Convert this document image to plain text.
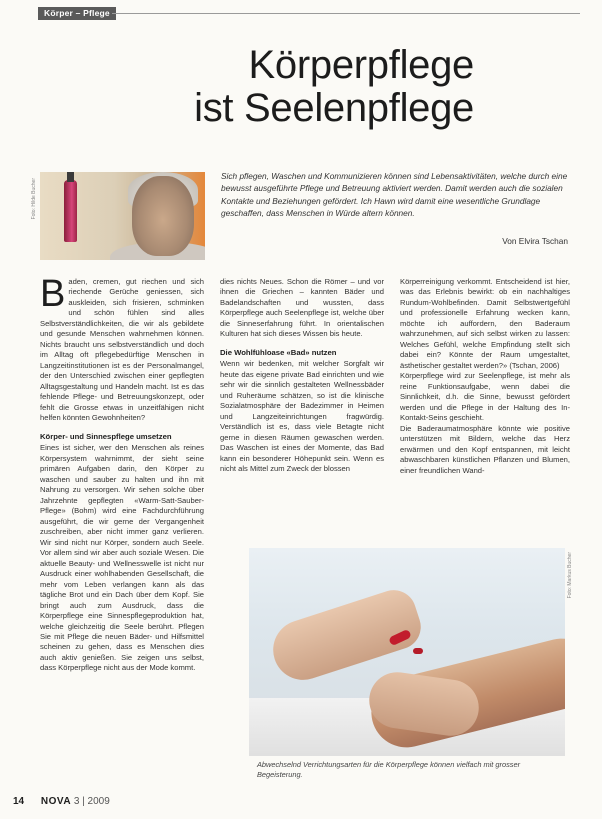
Körper – Pflege
Körperpflege
ist Seelenpflege
Foto: Hilde Bucher

Sich pflegen, Waschen und Kommunizieren können sind Lebensaktivitäten, welche durch eine bewusst ausgeführte Pflege und Betreuung aktiviert werden. Damit werden auch die sozialen Kontakte und Beziehungen gefördert. Ich Hawn wird damit eine wesentliche Grundlage geschaffen, dass Menschen in Würde altern können.

Von Elvira Tschan

Baden, cremen, gut riechen und sich riechende Gerüche geniessen, sich auskleiden, sich frisieren, schminken und schön fühlen sind alles Selbstverständlichkeiten, die wir als gebildete und gesunde Menschen wahrnehmen können. Nichts braucht uns selbstverständlich und doch im Alltag oft pflegebedürftige Menschen in Langzeitinstitutionen ist es der Personalmangel, der den Unterschied zwischen einer gepflegten Alltagsgestaltung und Handeln macht. Ist es das fehlende Pflege- und Betreuungskonzept, oder fehlt die Grosse etwas in unzeitfähigen nicht helfen könnten Gewohnheiten?

Körper- und Sinnespflege umsetzen

Eines ist sicher, wer den Menschen als reines Körpersystem wahrnimmt, der sieht seine primären Aufgaben darin, den Körper zu waschen und sauber zu halten und ihn mit Nahrung zu versorgen. Wir sehen solche über Jahrzehnte gepflegten «Warm-Satt-Sauber-Pflege» (Bohm) wird eine Fachdurchführung ausgeführt, die wir gerne der Vergangenheit zuschreiben, aber nicht immer ganz verlieren. Wir sind nicht nur Körper, sondern auch Seele. Vor allem sind wir aber auch soziale Wesen. Die aktuelle Beauty- und Wellnesswelle ist nicht nur Ausdruck einer wohlhabenden Gesellschaft, die mehr vom Leben verlangen kann als das tägliche Brot und ein Dach über dem Kopf. Sie bringt auch zum Ausdruck, dass die Körperpflege eine Sinnespflegeproduktion hat, welche gleichzeitig die Seele berührt. Pflegen Sie mit Pflege die neuen Bäder- und Hilfsmittel scheinen zu gehen, dass es Menschen dies auch aktiv genießen. Sie zeigen uns selbst, dass Körperpflege nicht aus der Mode kommt.

dies nichts Neues. Schon die Römer – und vor ihnen die Griechen – kannten Bäder und Badelandschaften und wussten, dass Körperpflege auch Seelenpflege ist, welche über die Sinneserfahrung führt. In orientalischen Kulturen hat sich dieses Wissen bis heute.

Die Wohlfühloase «Bad» nutzen

Wenn wir bedenken, mit welcher Sorgfalt wir heute das eigene private Bad einrichten und wie sehr wir die sinnlich gestalteten Wellnessbäder und Ruheräume schätzen, so ist die klinische Sozialatmosphäre der Badezimmer in Heimen und Langzeiteinrichtungen fragwürdig. Verständlich ist es, dass viele Betagte nicht gerne in diesen Räumen gewaschen werden. Das Waschen ist eines der Momente, das Bad kann ein besonderer Höhepunkt sein. Wenn es nicht als Mittel zum Zweck der blossen

Körperreinigung verkommt. Entscheidend ist hier, was das Erlebnis bewirkt: ob ein nachhaltiges Rundum-Wohlbefinden. Damit Selbstwertgefühl und professionelle Erfahrung wecken kann, möchte ich auffordern, den Baderaum wahrzunehmen, auf sich selbst wirken zu lassen: Welches Gefühl, welche Empfindung stellt sich dabei ein? Könnte der Raum umgestaltet, ästhetischer gestaltet werden?» (Tschan, 2006)

Körperpflege wird zur Seelenpflege, ist mehr als reine Funktionsaufgabe, wenn dabei die Sinnlichkeit, d.h. die Sinne, bewusst gefördert werden und die Pflege in der Haltung des In-Kontakt-Seins geschieht.

Die Baderaumatmosphäre könnte wie positive unterstützen mit Bildern, welche das Herz erwärmen und den Kopf entspannen, mit leicht abwaschbaren künstlichen Pflanzen und Blumen, einer freundlichen Wand-

Foto: Markus Bucher

Abwechselnd Verrichtungsarten für die Körperpflege können vielfach mit grosser Begeisterung.

14 NOVA 3 | 2009
